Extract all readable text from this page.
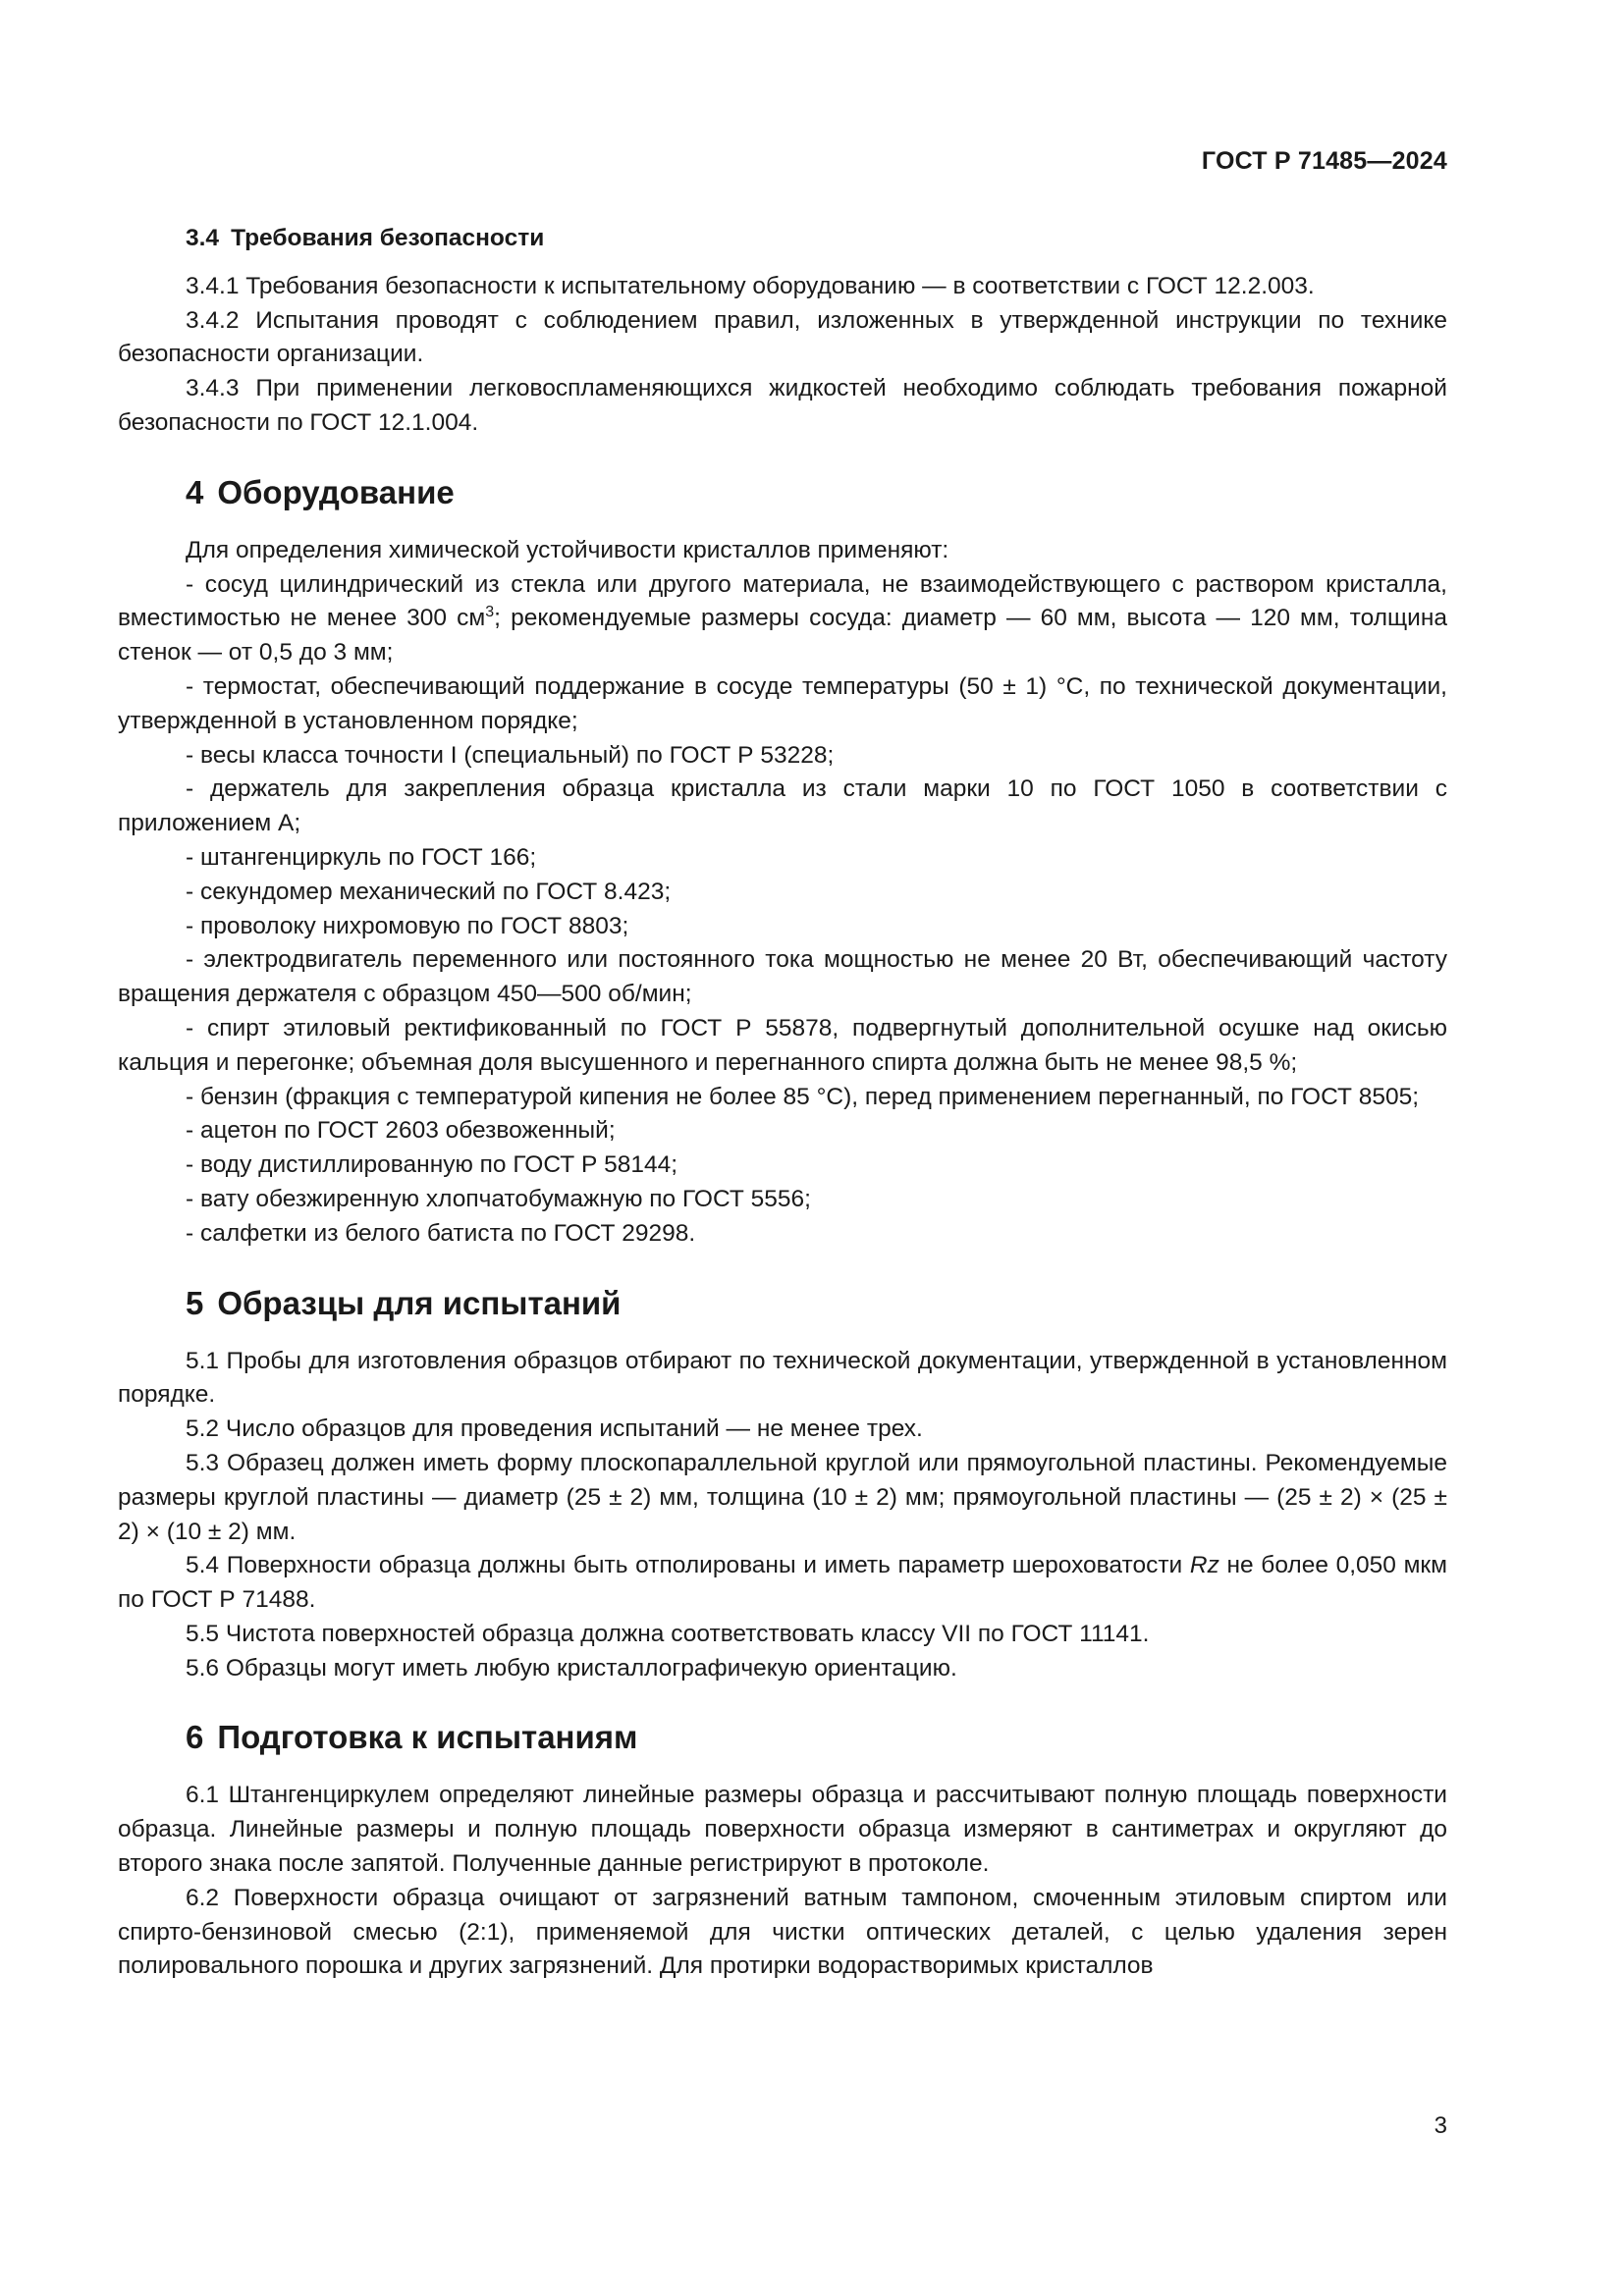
ГОСТ Р 71485—2024
3.4 Требования безопасности

3.4.1 Требования безопасности к испытательному оборудованию — в соответствии с ГОСТ 12.2.003.

3.4.2 Испытания проводят с соблюдением правил, изложенных в утвержденной инструкции по технике безопасности организации.

3.4.3 При применении легковоспламеняющихся жидкостей необходимо соблюдать требования пожарной безопасности по ГОСТ 12.1.004.

4 Оборудование

Для определения химической устойчивости кристаллов применяют:

- сосуд цилиндрический из стекла или другого материала, не взаимодействующего с раствором кристалла, вместимостью не менее 300 $см^3$; рекомендуемые размеры сосуда: диаметр — 60 мм, высота — 120 мм, толщина стенок — от 0,5 до 3 мм;

- термостат, обеспечивающий поддержание в сосуде температуры (50 ± 1) °С, по технической документации, утвержденной в установленном порядке;

- весы класса точности I (специальный) по ГОСТ Р 53228;

- держатель для закрепления образца кристалла из стали марки 10 по ГОСТ 1050 в соответствии с приложением А;

- штангенциркуль по ГОСТ 166;

- секундомер механический по ГОСТ 8.423;

- проволоку нихромовую по ГОСТ 8803;

- электродвигатель переменного или постоянного тока мощностью не менее 20 Вт, обеспечивающий частоту вращения держателя с образцом 450—500 об/мин;

- спирт этиловый ректификованный по ГОСТ Р 55878, подвергнутый дополнительной осушке над окисью кальция и перегонке; объемная доля высушенного и перегнанного спирта должна быть не менее 98,5 %;

- бензин (фракция с температурой кипения не более 85 °С), перед применением перегнанный, по ГОСТ 8505;

- ацетон по ГОСТ 2603 обезвоженный;

- воду дистиллированную по ГОСТ Р 58144;

- вату обезжиренную хлопчатобумажную по ГОСТ 5556;

- салфетки из белого батиста по ГОСТ 29298.

5 Образцы для испытаний

5.1 Пробы для изготовления образцов отбирают по технической документации, утвержденной в установленном порядке.

5.2 Число образцов для проведения испытаний — не менее трех.

5.3 Образец должен иметь форму плоскопараллельной круглой или прямоугольной пластины. Рекомендуемые размеры круглой пластины — диаметр (25 ± 2) мм, толщина (10 ± 2) мм; прямоугольной пластины — (25 ± 2) × (25 ± 2) × (10 ± 2) мм.

5.4 Поверхности образца должны быть отполированы и иметь параметр шероховатости Rz не более 0,050 мкм по ГОСТ Р 71488.

5.5 Чистота поверхностей образца должна соответствовать классу VII по ГОСТ 11141.

5.6 Образцы могут иметь любую кристаллографичекую ориентацию.

6 Подготовка к испытаниям

6.1 Штангенциркулем определяют линейные размеры образца и рассчитывают полную площадь поверхности образца. Линейные размеры и полную площадь поверхности образца измеряют в сантиметрах и округляют до второго знака после запятой. Полученные данные регистрируют в протоколе.

6.2 Поверхности образца очищают от загрязнений ватным тампоном, смоченным этиловым спиртом или спирто-бензиновой смесью (2:1), применяемой для чистки оптических деталей, с целью удаления зерен полировального порошка и других загрязнений. Для протирки водорастворимых кристаллов

3
